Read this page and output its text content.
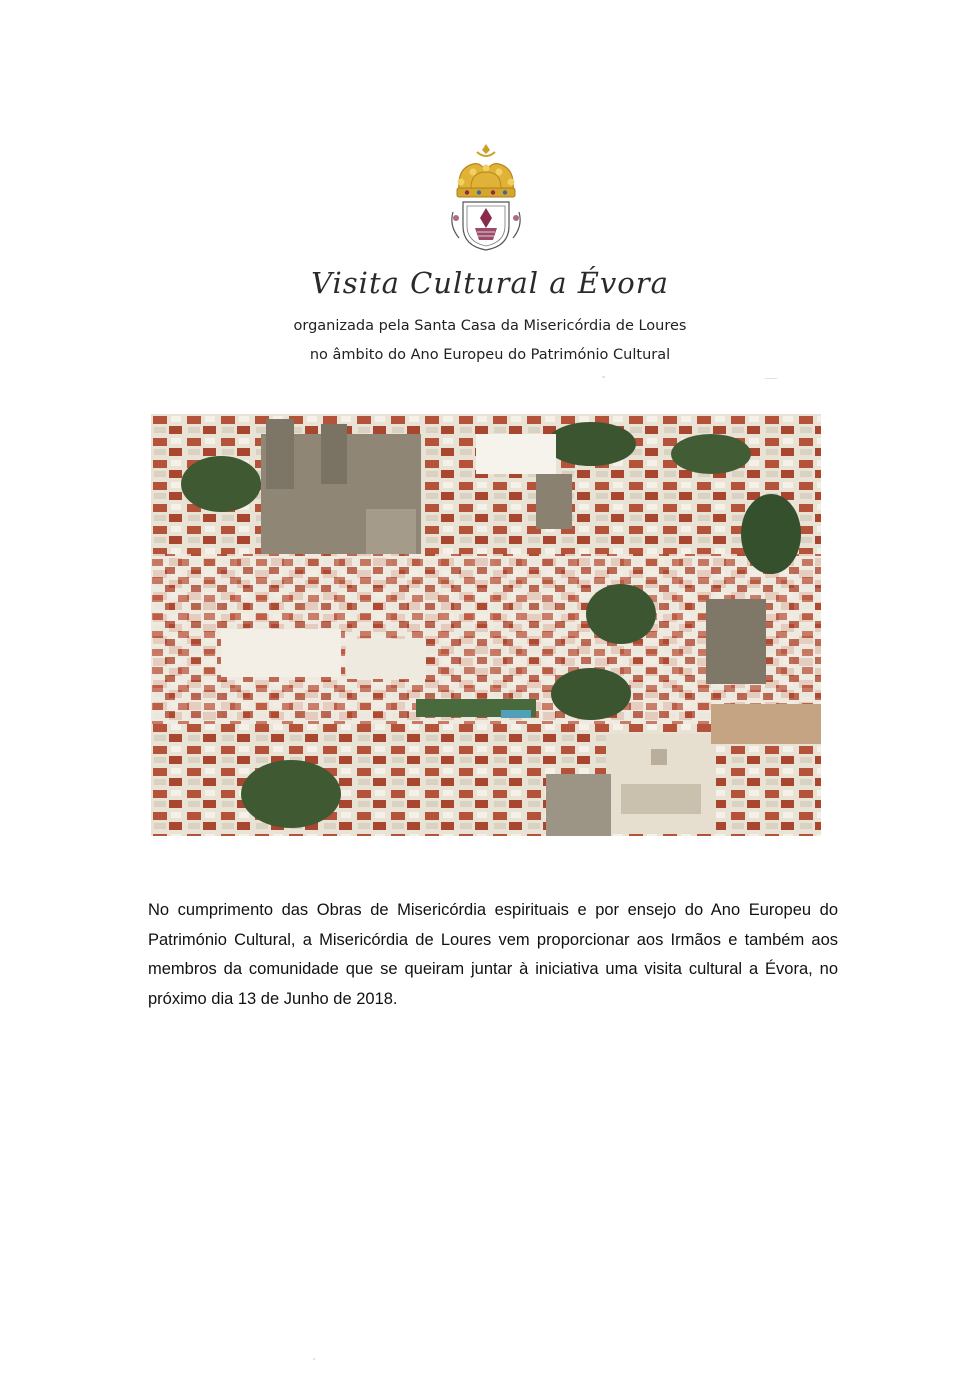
Visita Cultural a Évora
organizada pela Santa Casa da Misericórdia de Loures
no âmbito do Ano Europeu do Património Cultural
No cumprimento das Obras de Misericórdia espirituais e por ensejo do Ano Europeu do Património Cultural, a Misericórdia de Loures vem proporcionar aos Irmãos e também aos membros da comunidade que se queiram juntar à iniciativa uma visita cultural a Évora, no próximo dia 13 de Junho de 2018.
